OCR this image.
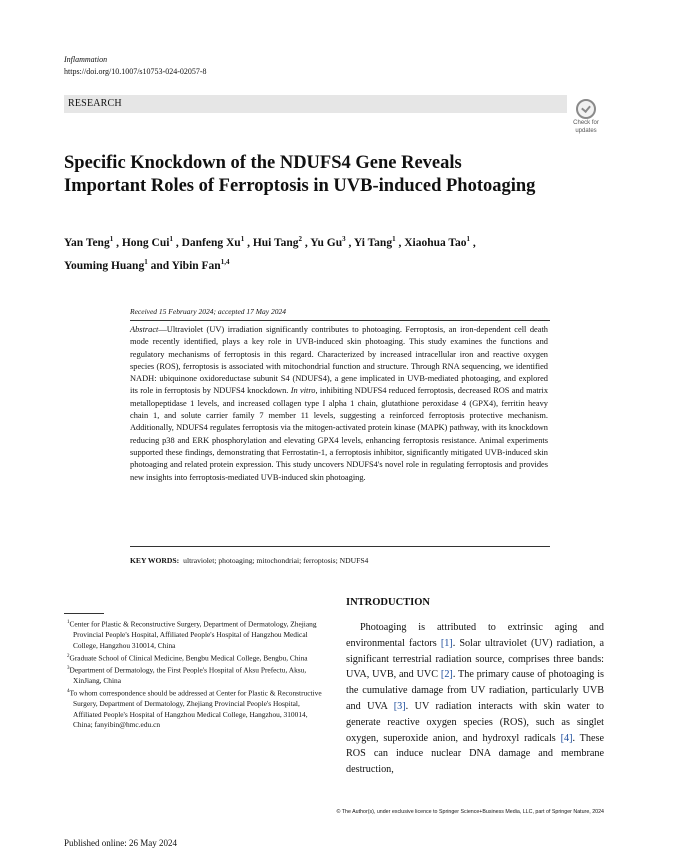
Inflammation
https://doi.org/10.1007/s10753-024-02057-8
RESEARCH
Check for
updates
Specific Knockdown of the NDUFS4 Gene Reveals
Important Roles of Ferroptosis in UVB-induced Photoaging
Yan Teng$^1$ , Hong Cui$^1$ , Danfeng Xu$^1$ , Hui Tang$^2$ , Yu Gu$^3$ , Yi Tang$^1$ , Xiaohua Tao$^1$ ,
Youming Huang$^1$ and Yibin Fan$^{1,4}$
Received 15 February 2024; accepted 17 May 2024
Abstract—Ultraviolet (UV) irradiation significantly contributes to photoaging. Ferroptosis, an iron-dependent cell death mode recently identified, plays a key role in UVB-induced skin photoaging. This study examines the functions and regulatory mechanisms of ferroptosis in this regard. Characterized by increased intracellular iron and reactive oxygen species (ROS), ferroptosis is associated with mitochondrial function and structure. Through RNA sequencing, we identified NADH: ubiquinone oxidoreductase subunit S4 (NDUFS4), a gene implicated in UVB-mediated photoaging, and explored its role in ferroptosis by NDUFS4 knockdown. In vitro, inhibiting NDUFS4 reduced ferroptosis, decreased ROS and matrix metallopeptidase 1 levels, and increased collagen type I alpha 1 chain, glutathione peroxidase 4 (GPX4), ferritin heavy chain 1, and solute carrier family 7 member 11 levels, suggesting a reinforced ferroptosis protective mechanism. Additionally, NDUFS4 regulates ferroptosis via the mitogen-activated protein kinase (MAPK) pathway, with its knockdown reducing p38 and ERK phosphorylation and elevating GPX4 levels, enhancing ferroptosis resistance. Animal experiments supported these findings, demonstrating that Ferrostatin-1, a ferroptosis inhibitor, significantly mitigated UVB-induced skin photoaging and related protein expression. This study uncovers NDUFS4's novel role in regulating ferroptosis and provides new insights into ferroptosis-mediated UVB-induced skin photoaging.
KEY WORDS: ultraviolet; photoaging; mitochondriai; ferroptosis; NDUFS4
$^1$Center for Plastic & Reconstructive Surgery, Department of Dermatology, Zhejiang Provincial People's Hospital, Affiliated People's Hospital of Hangzhou Medical College, Hangzhou 310014, China
$^2$Graduate School of Clinical Medicine, Bengbu Medical College, Bengbu, China
$^3$Department of Dermatology, the First People's Hospital of Aksu Prefectu, Aksu, XinJiang, China
$^4$To whom correspondence should be addressed at Center for Plastic & Reconstructive Surgery, Department of Dermatology, Zhejiang Provincial People's Hospital, Affiliated People's Hospital of Hangzhou Medical College, Hangzhou, 310014, China; fanyibin@hmc.edu.cn
INTRODUCTION
Photoaging is attributed to extrinsic aging and environmental factors [1]. Solar ultraviolet (UV) radiation, a significant terrestrial radiation source, comprises three bands: UVA, UVB, and UVC [2]. The primary cause of photoaging is the cumulative damage from UV radiation, particularly UVB and UVA [3]. UV radiation interacts with skin water to generate reactive oxygen species (ROS), such as singlet oxygen, superoxide anion, and hydroxyl radicals [4]. These ROS can induce nuclear DNA damage and membrane destruction,
© The Author(s), under exclusive licence to Springer Science+Business Media, LLC, part of Springer Nature, 2024
Published online: 26 May 2024
